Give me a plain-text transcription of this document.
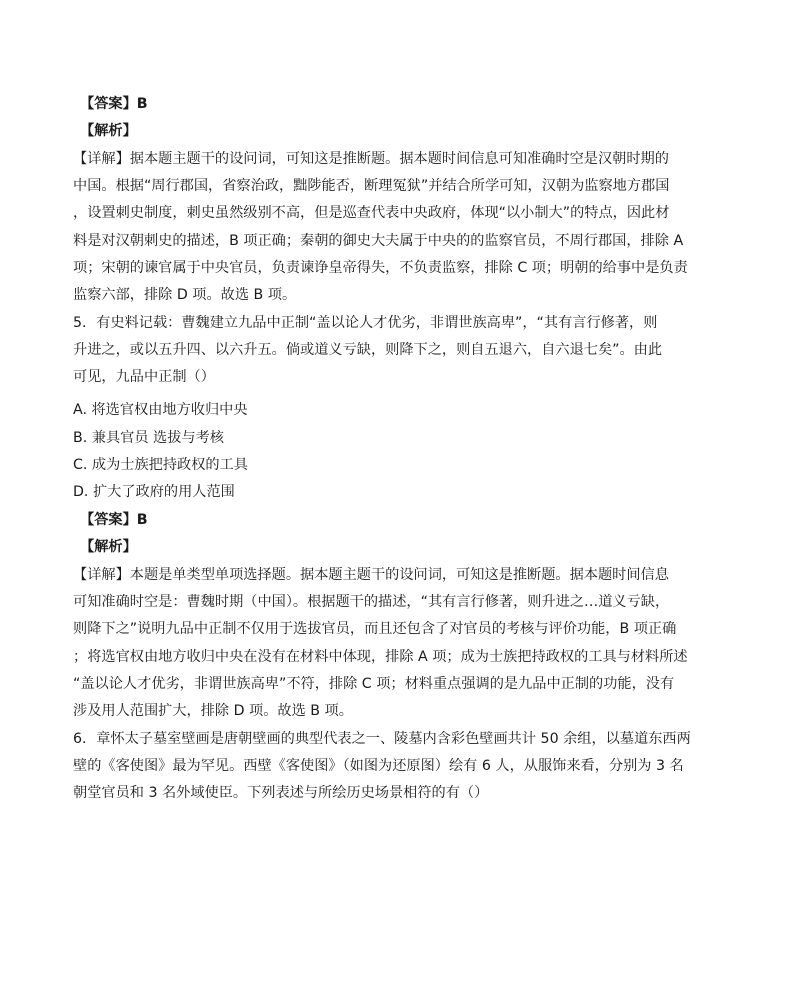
【答案】B
【解析】
【详解】据本题主题干的设问词，可知这是推断题。据本题时间信息可知准确时空是汉朝时期的
中国。根据“周行郡国，省察治政，黜陟能否，断理冤狱”并结合所学可知，汉朝为监察地方郡国
，设置刺史制度，刺史虽然级别不高，但是巡查代表中央政府，体现“以小制大”的特点，因此材
料是对汉朝刺史的描述，B 项正确；秦朝的御史大夫属于中央的的监察官员，不周行郡国，排除 A
项；宋朝的谏官属于中央官员，负责谏诤皇帝得失，不负责监察，排除 C 项；明朝的给事中是负责
监察六部，排除 D 项。故选 B 项。
5．有史料记载：曹魏建立九品中正制“盖以论人才优劣，非谓世族高卑”，“其有言行修著，则
升进之，或以五升四、以六升五。倘或道义亏缺，则降下之，则自五退六，自六退七矣”。由此
可见，九品中正制（）
A. 将选官权由地方收归中央
B. 兼具官员 选拔与考核
C. 成为士族把持政权的工具
D. 扩大了政府的用人范围
【答案】B
【解析】
【详解】本题是单类型单项选择题。据本题主题干的设问词，可知这是推断题。据本题时间信息
可知准确时空是：曹魏时期（中国）。根据题干的描述，“其有言行修著，则升进之…道义亏缺，
则降下之”说明九品中正制不仅用于选拔官员，而且还包含了对官员的考核与评价功能，B 项正确
；将选官权由地方收归中央在没有在材料中体现，排除 A 项；成为士族把持政权的工具与材料所述
“盖以论人才优劣，非谓世族高卑”不符，排除 C 项；材料重点强调的是九品中正制的功能，没有
涉及用人范围扩大，排除 D 项。故选 B 项。
6．章怀太子墓室壁画是唐朝壁画的典型代表之一、陵墓内含彩色壁画共计 50 余组，以墓道东西两
壁的《客使图》最为罕见。西壁《客使图》（如图为还原图）绘有 6 人，从服饰来看，分别为 3 名
朝堂官员和 3 名外域使臣。下列表述与所绘历史场景相符的有（）
